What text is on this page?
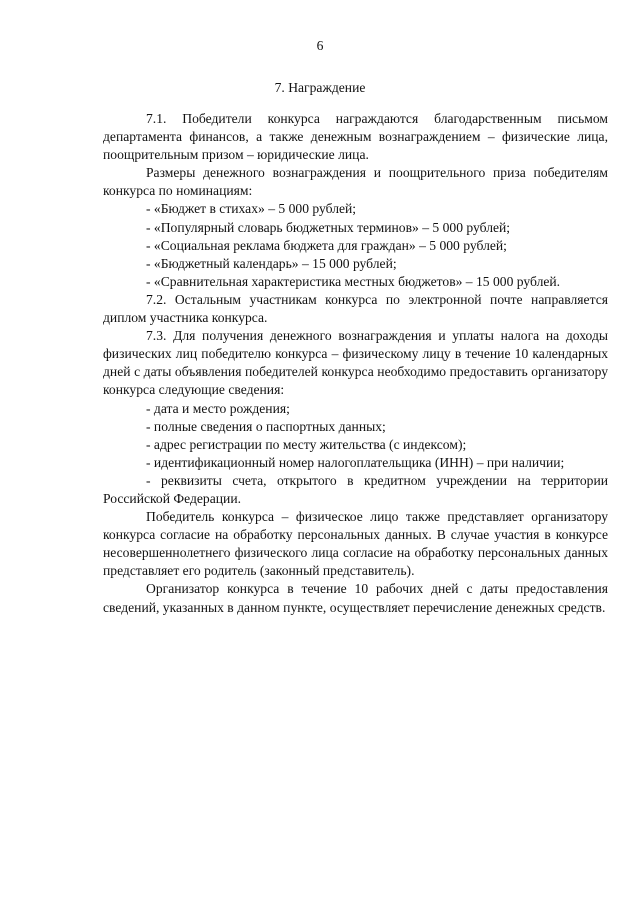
6
7. Награждение

7.1. Победители конкурса награждаются благодарственным письмом департамента финансов, а также денежным вознаграждением – физические лица, поощрительным призом – юридические лица.

Размеры денежного вознаграждения и поощрительного приза победителям конкурса по номинациям:

- «Бюджет в стихах» – 5 000 рублей;

- «Популярный словарь бюджетных терминов» – 5 000 рублей;

- «Социальная реклама бюджета для граждан» – 5 000 рублей;

- «Бюджетный календарь» – 15 000 рублей;

- «Сравнительная характеристика местных бюджетов» – 15 000 рублей.

7.2. Остальным участникам конкурса по электронной почте направляется диплом участника конкурса.

7.3. Для получения денежного вознаграждения и уплаты налога на доходы физических лиц победителю конкурса – физическому лицу в течение 10 календарных дней с даты объявления победителей конкурса необходимо предоставить организатору конкурса следующие сведения:

- дата и место рождения;

- полные сведения о паспортных данных;

- адрес регистрации по месту жительства (с индексом);

- идентификационный номер налогоплательщика (ИНН) – при наличии;

- реквизиты счета, открытого в кредитном учреждении на территории Российской Федерации.

Победитель конкурса – физическое лицо также представляет организатору конкурса согласие на обработку персональных данных. В случае участия в конкурсе несовершеннолетнего физического лица согласие на обработку персональных данных представляет его родитель (законный представитель).

Организатор конкурса в течение 10 рабочих дней с даты предоставления сведений, указанных в данном пункте, осуществляет перечисление денежных средств.
